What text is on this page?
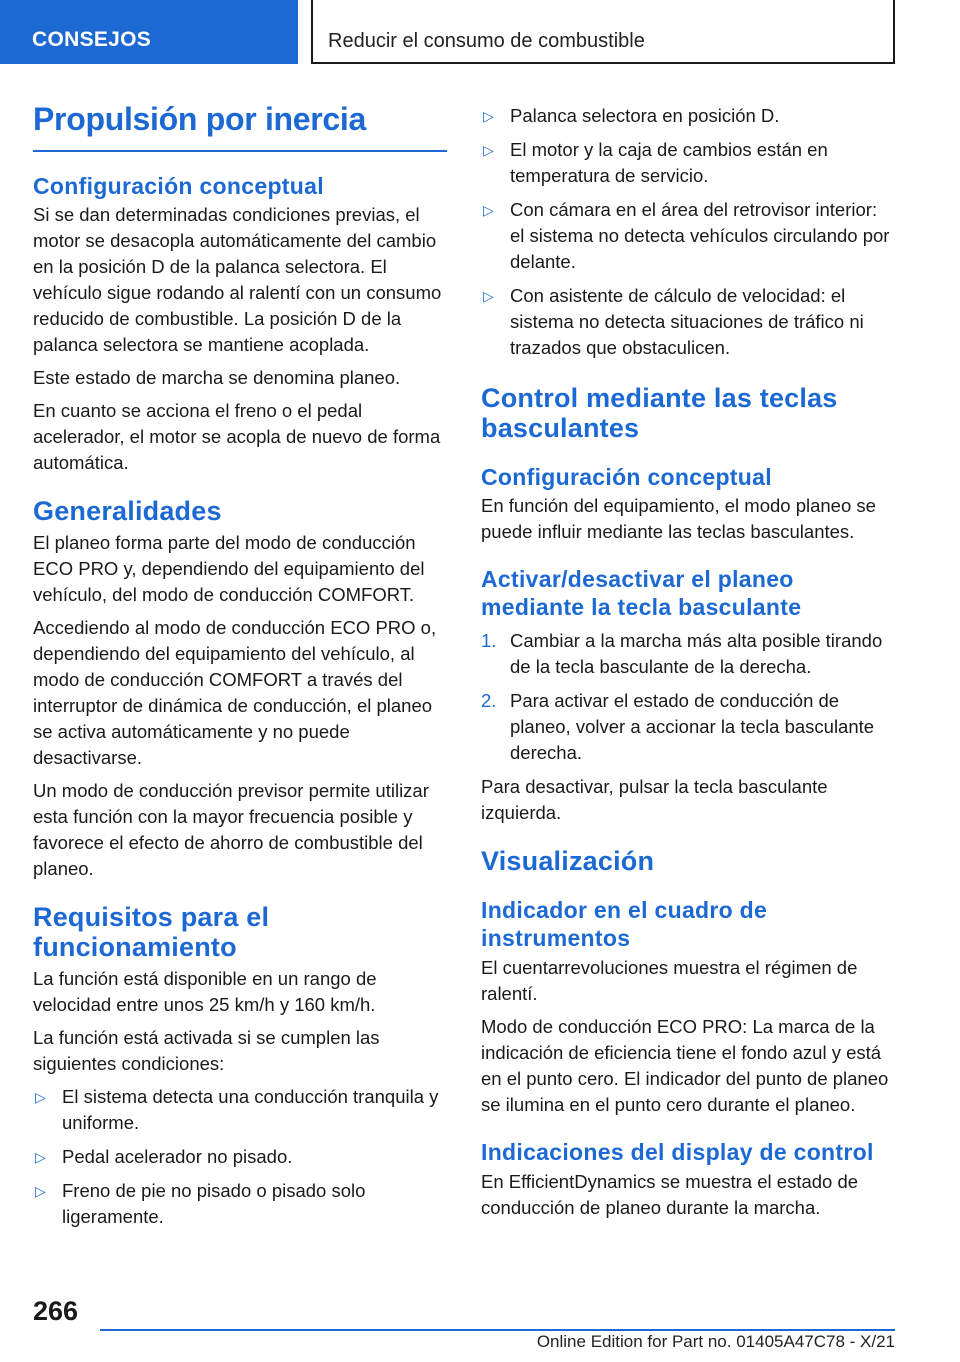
CONSEJOS	Reducir el consumo de combustible
Propulsión por inercia
Configuración conceptual

Si se dan determinadas condiciones previas, el motor se desacopla automáticamente del cambio en la posición D de la palanca selectora. El vehículo sigue rodando al ralentí con un consumo reducido de combustible. La posición D de la palanca selectora se mantiene acoplada.

Este estado de marcha se denomina planeo.

En cuanto se acciona el freno o el pedal acelerador, el motor se acopla de nuevo de forma automática.

Generalidades

El planeo forma parte del modo de conducción ECO PRO y, dependiendo del equipamiento del vehículo, del modo de conducción COMFORT.

Accediendo al modo de conducción ECO PRO o, dependiendo del equipamiento del vehículo, al modo de conducción COMFORT a través del interruptor de dinámica de conducción, el planeo se activa automáticamente y no puede desactivarse.

Un modo de conducción previsor permite utilizar esta función con la mayor frecuencia posible y favorece el efecto de ahorro de combustible del planeo.

Requisitos para el funcionamiento

La función está disponible en un rango de velocidad entre unos 25 km/h y 160 km/h.

La función está activada si se cumplen las siguientes condiciones:

▷ El sistema detecta una conducción tranquila y uniforme.
▷ Pedal acelerador no pisado.
▷ Freno de pie no pisado o pisado solo ligeramente.
▷ Palanca selectora en posición D.
▷ El motor y la caja de cambios están en temperatura de servicio.
▷ Con cámara en el área del retrovisor interior: el sistema no detecta vehículos circulando por delante.
▷ Con asistente de cálculo de velocidad: el sistema no detecta situaciones de tráfico ni trazados que obstaculicen.
Control mediante las teclas basculantes
Configuración conceptual

En función del equipamiento, el modo planeo se puede influir mediante las teclas basculantes.

Activar/desactivar el planeo mediante la tecla basculante
1. Cambiar a la marcha más alta posible tirando de la tecla basculante de la derecha.
2. Para activar el estado de conducción de planeo, volver a accionar la tecla basculante derecha.

Para desactivar, pulsar la tecla basculante izquierda.

Visualización
Indicador en el cuadro de instrumentos

El cuentarrevoluciones muestra el régimen de ralentí.

Modo de conducción ECO PRO: La marca de la indicación de eficiencia tiene el fondo azul y está en el punto cero. El indicador del punto de planeo se ilumina en el punto cero durante el planeo.

Indicaciones del display de control

En EfficientDynamics se muestra el estado de conducción de planeo durante la marcha.

266
Online Edition for Part no. 01405A47C78 - X/21
